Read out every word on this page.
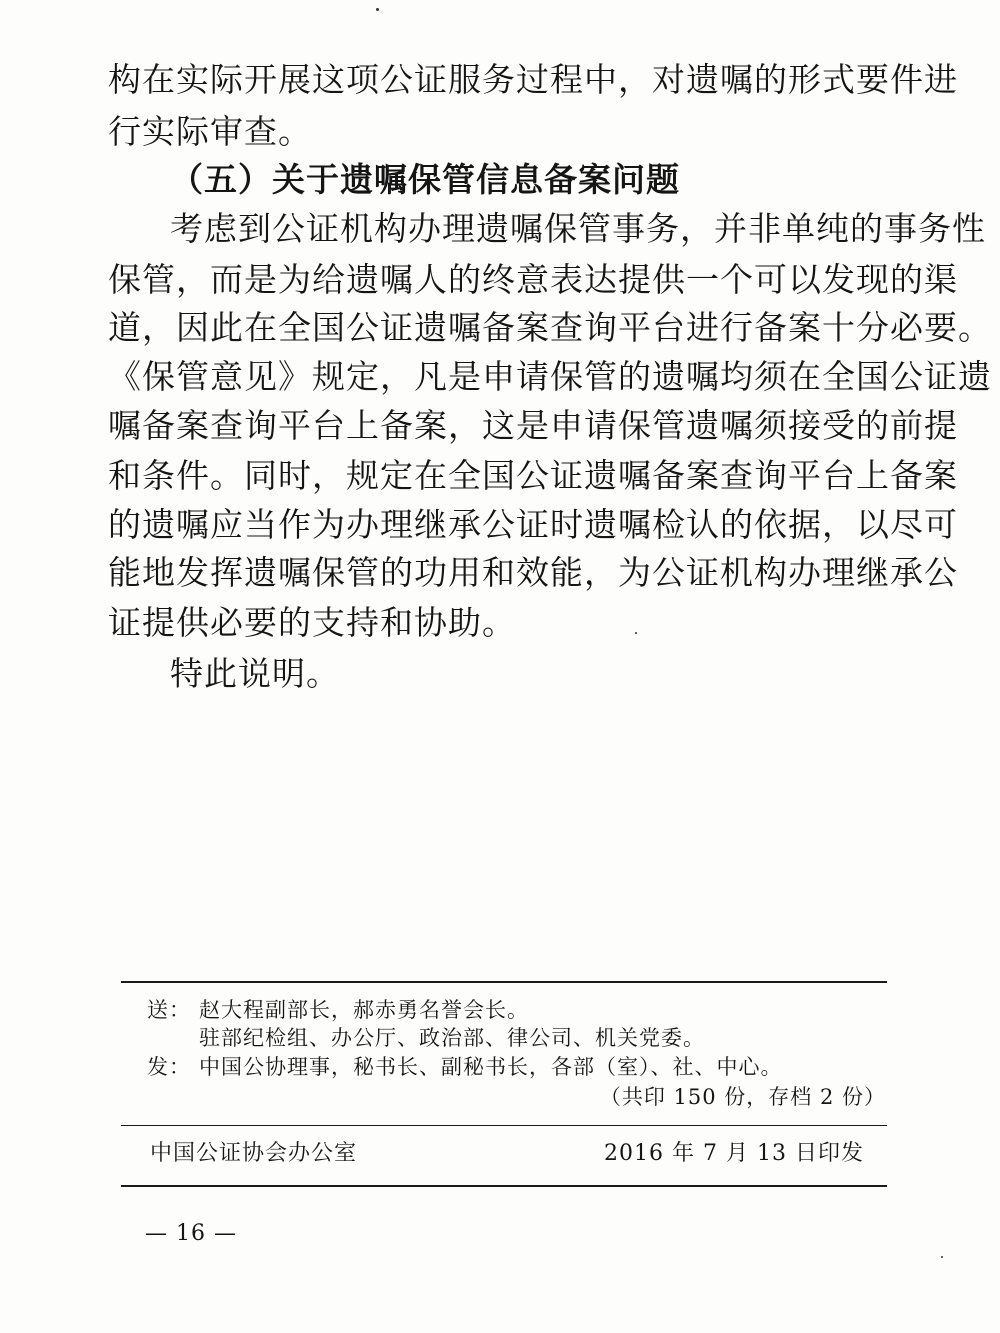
构在实际开展这项公证服务过程中，对遗嘱的形式要件进
行实际审查。
（五）关于遗嘱保管信息备案问题
考虑到公证机构办理遗嘱保管事务，并非单纯的事务性
保管，而是为给遗嘱人的终意表达提供一个可以发现的渠
道，因此在全国公证遗嘱备案查询平台进行备案十分必要。
《保管意见》规定，凡是申请保管的遗嘱均须在全国公证遗
嘱备案查询平台上备案，这是申请保管遗嘱须接受的前提
和条件。同时，规定在全国公证遗嘱备案查询平台上备案
的遗嘱应当作为办理继承公证时遗嘱检认的依据，以尽可
能地发挥遗嘱保管的功用和效能，为公证机构办理继承公
证提供必要的支持和协助。
特此说明。
送： 赵大程副部长，郝赤勇名誉会长。
驻部纪检组、办公厅、政治部、律公司、机关党委。
发： 中国公协理事，秘书长、副秘书长，各部（室）、社、中心。
（共印 150 份，存档 2 份）
中国公证协会办公室	2016 年 7 月 13 日印发
— 16 —
